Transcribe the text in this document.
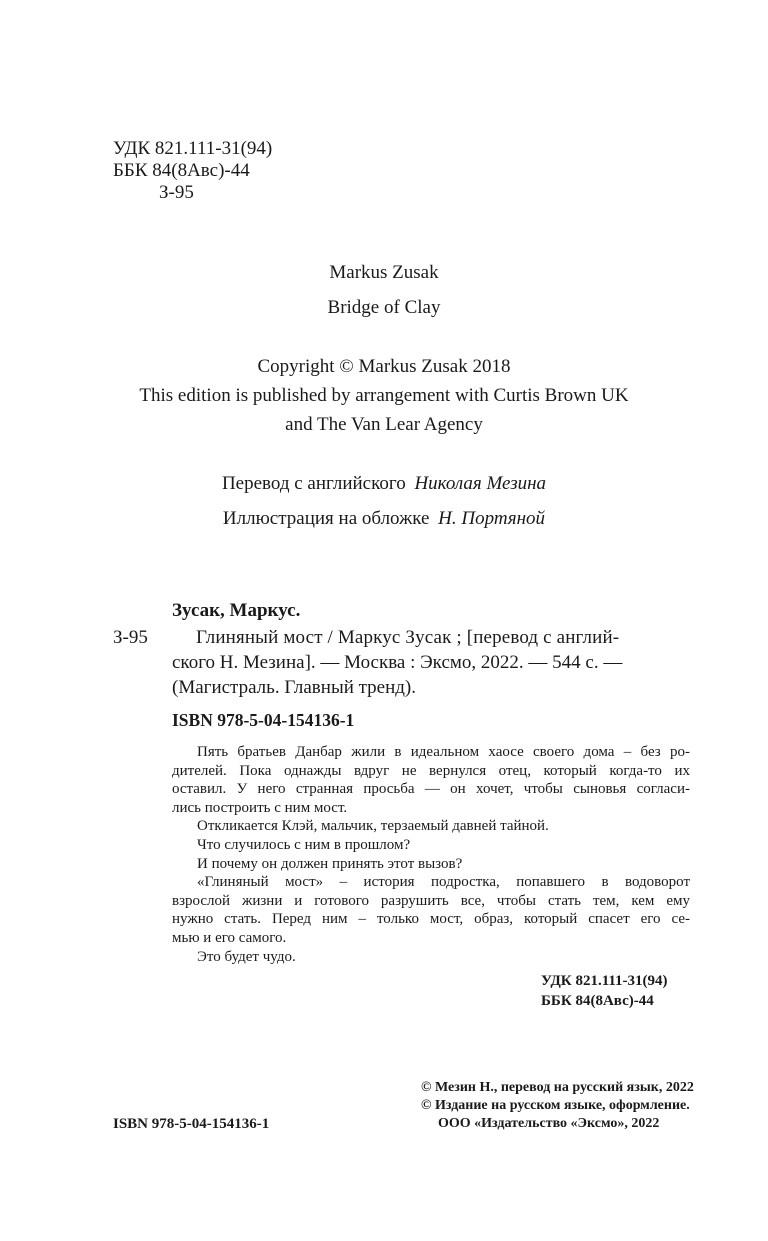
УДК 821.111-31(94)
ББК 84(8Авс)-44
З-95
Markus Zusak
Bridge of Clay
Copyright © Markus Zusak 2018
This edition is published by arrangement with Curtis Brown UK
and The Van Lear Agency
Перевод с английского Николая Мезина
Иллюстрация на обложке Н. Портяной
Зусак, Маркус.
З-95	Глиняный мост / Маркус Зусак ; [перевод с англий-
ского Н. Мезина]. — Москва : Эксмо, 2022. — 544 с. —
(Магистраль. Главный тренд).
ISBN 978-5-04-154136-1

Пять братьев Данбар жили в идеальном хаосе своего дома – без ро-

дителей. Пока однажды вдруг не вернулся отец, который когда-то их

оставил. У него странная просьба — он хочет, чтобы сыновья согласи-

лись построить с ним мост.

Откликается Клэй, мальчик, терзаемый давней тайной.

Что случилось с ним в прошлом?

И почему он должен принять этот вызов?

«Глиняный мост» – история подростка, попавшего в водоворот

взрослой жизни и готового разрушить все, чтобы стать тем, кем ему

нужно стать. Перед ним – только мост, образ, который спасет его се-

мью и его самого.

Это будет чудо.

УДК 821.111-31(94)
ББК 84(8Авс)-44
ISBN 978-5-04-154136-1
© Мезин Н., перевод на русский язык, 2022
© Издание на русском языке, оформление.
ООО «Издательство «Эксмо», 2022
